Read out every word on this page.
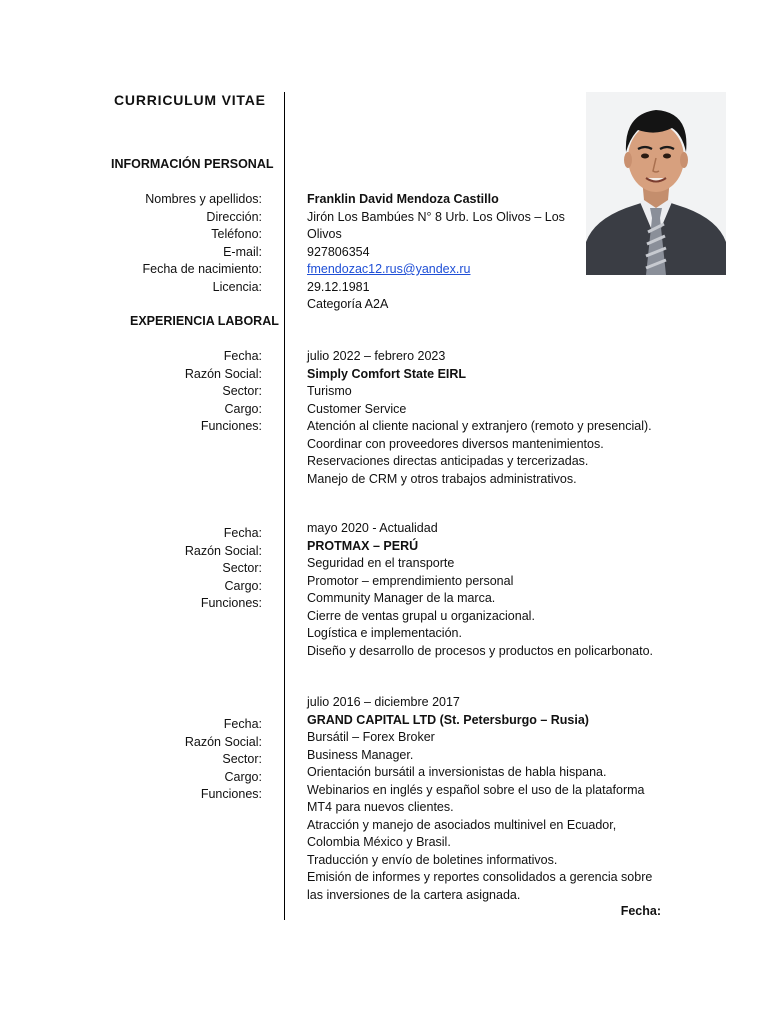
CURRICULUM VITAE
INFORMACIÓN PERSONAL
Nombres y apellidos:
Dirección:
Teléfono:
E-mail:
Fecha de nacimiento:
Licencia:
Franklin David Mendoza Castillo
Jirón Los Bambúes N° 8 Urb. Los Olivos – Los
Olivos
927806354
fmendozac12.rus@yandex.ru
29.12.1981
Categoría A2A
EXPERIENCIA LABORAL
Fecha:
Razón Social:
Sector:
Cargo:
Funciones:
julio 2022 – febrero 2023
Simply Comfort State EIRL
Turismo
Customer Service
Atención al cliente nacional y extranjero (remoto y presencial).
Coordinar con proveedores diversos mantenimientos.
Reservaciones directas anticipadas y tercerizadas.
Manejo de CRM y otros trabajos administrativos.
Fecha:
Razón Social:
Sector:
Cargo:
Funciones:
mayo 2020 - Actualidad
PROTMAX – PERÚ
Seguridad en el transporte
Promotor – emprendimiento personal
Community Manager de la marca.
Cierre de ventas grupal u organizacional.
Logística e implementación.
Diseño y desarrollo de procesos y productos en policarbonato.
Fecha:
Razón Social:
Sector:
Cargo:
Funciones:
julio 2016 – diciembre 2017
GRAND CAPITAL LTD (St. Petersburgo – Rusia)
Bursátil – Forex Broker
Business Manager.
Orientación bursátil a inversionistas de habla hispana.
Webinarios en inglés y español sobre el uso de la plataforma
MT4 para nuevos clientes.
Atracción y manejo de asociados multinivel en Ecuador,
Colombia México y Brasil.
Traducción y envío de boletines informativos.
Emisión de informes y reportes consolidados a gerencia sobre
las inversiones de la cartera asignada.
Fecha:
